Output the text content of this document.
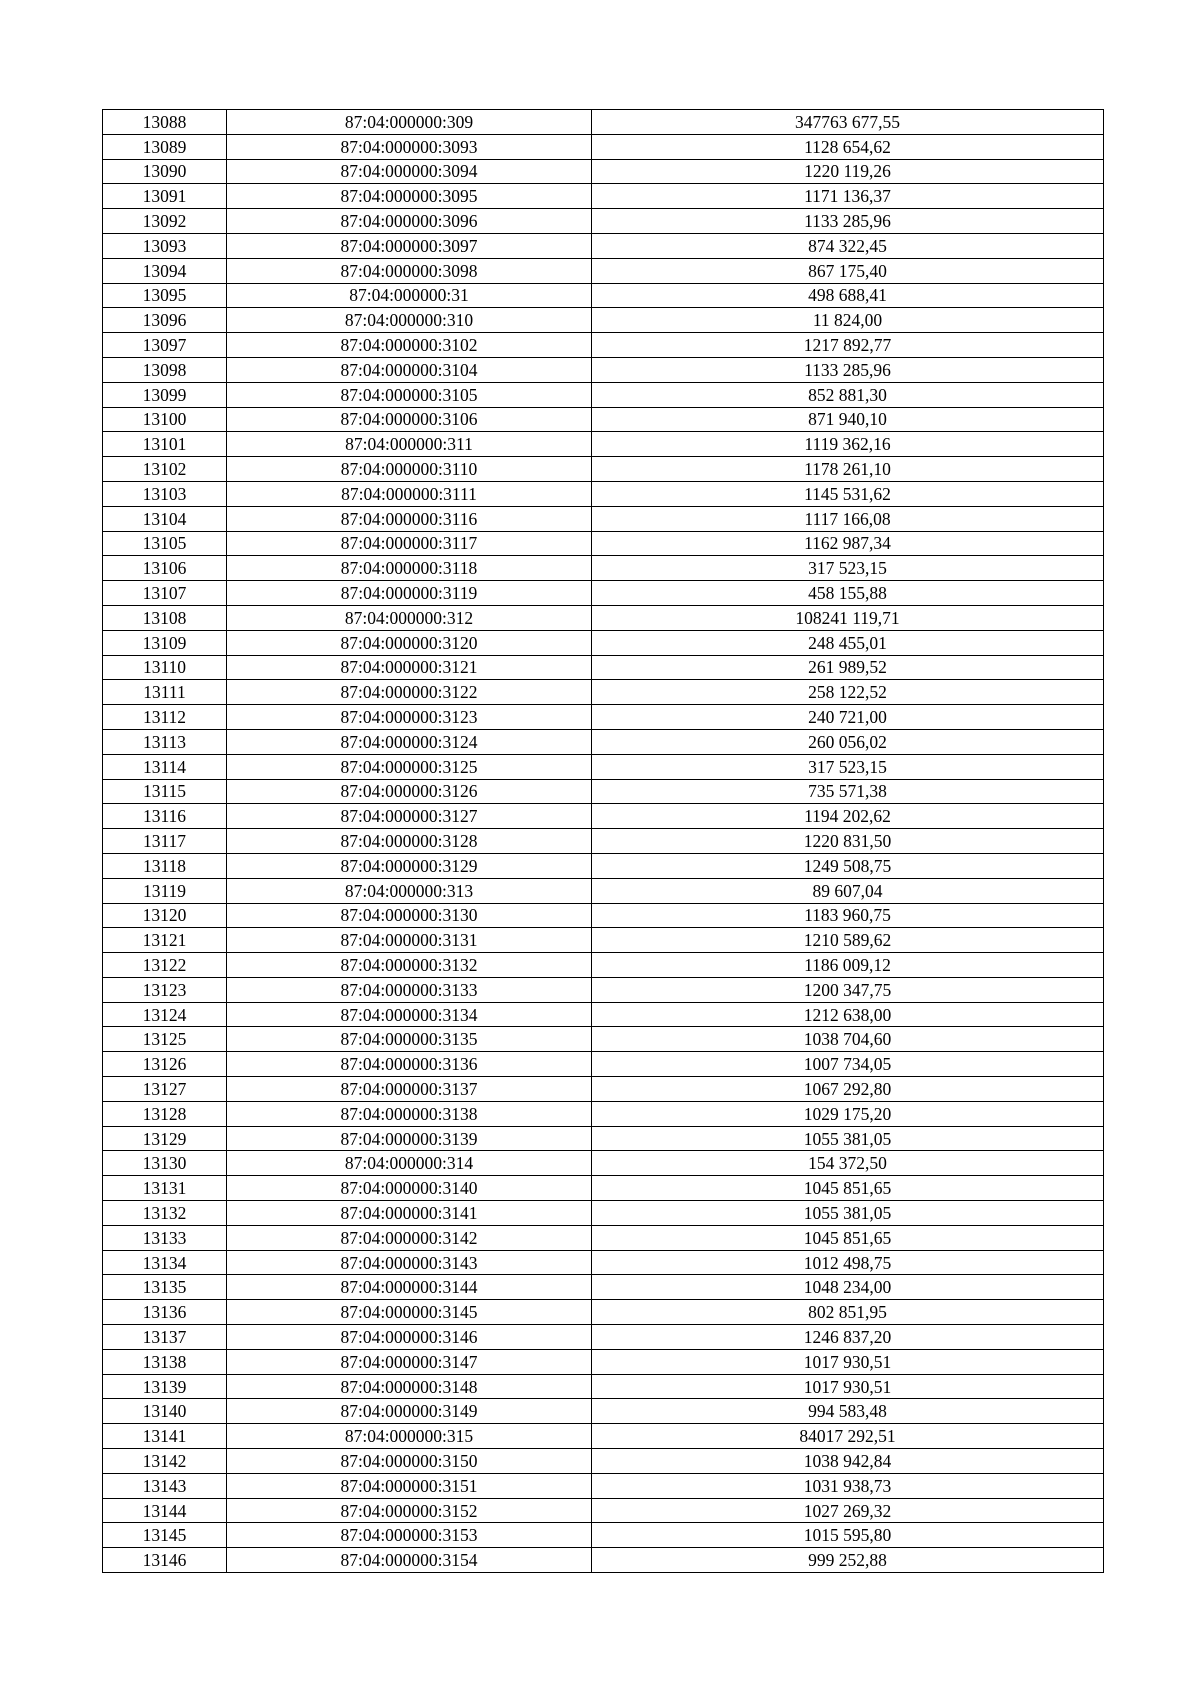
13088	87:04:000000:309	347763 677,55
13089	87:04:000000:3093	1128 654,62
13090	87:04:000000:3094	1220 119,26
13091	87:04:000000:3095	1171 136,37
13092	87:04:000000:3096	1133 285,96
13093	87:04:000000:3097	874 322,45
13094	87:04:000000:3098	867 175,40
13095	87:04:000000:31	498 688,41
13096	87:04:000000:310	11 824,00
13097	87:04:000000:3102	1217 892,77
13098	87:04:000000:3104	1133 285,96
13099	87:04:000000:3105	852 881,30
13100	87:04:000000:3106	871 940,10
13101	87:04:000000:311	1119 362,16
13102	87:04:000000:3110	1178 261,10
13103	87:04:000000:3111	1145 531,62
13104	87:04:000000:3116	1117 166,08
13105	87:04:000000:3117	1162 987,34
13106	87:04:000000:3118	317 523,15
13107	87:04:000000:3119	458 155,88
13108	87:04:000000:312	108241 119,71
13109	87:04:000000:3120	248 455,01
13110	87:04:000000:3121	261 989,52
13111	87:04:000000:3122	258 122,52
13112	87:04:000000:3123	240 721,00
13113	87:04:000000:3124	260 056,02
13114	87:04:000000:3125	317 523,15
13115	87:04:000000:3126	735 571,38
13116	87:04:000000:3127	1194 202,62
13117	87:04:000000:3128	1220 831,50
13118	87:04:000000:3129	1249 508,75
13119	87:04:000000:313	89 607,04
13120	87:04:000000:3130	1183 960,75
13121	87:04:000000:3131	1210 589,62
13122	87:04:000000:3132	1186 009,12
13123	87:04:000000:3133	1200 347,75
13124	87:04:000000:3134	1212 638,00
13125	87:04:000000:3135	1038 704,60
13126	87:04:000000:3136	1007 734,05
13127	87:04:000000:3137	1067 292,80
13128	87:04:000000:3138	1029 175,20
13129	87:04:000000:3139	1055 381,05
13130	87:04:000000:314	154 372,50
13131	87:04:000000:3140	1045 851,65
13132	87:04:000000:3141	1055 381,05
13133	87:04:000000:3142	1045 851,65
13134	87:04:000000:3143	1012 498,75
13135	87:04:000000:3144	1048 234,00
13136	87:04:000000:3145	802 851,95
13137	87:04:000000:3146	1246 837,20
13138	87:04:000000:3147	1017 930,51
13139	87:04:000000:3148	1017 930,51
13140	87:04:000000:3149	994 583,48
13141	87:04:000000:315	84017 292,51
13142	87:04:000000:3150	1038 942,84
13143	87:04:000000:3151	1031 938,73
13144	87:04:000000:3152	1027 269,32
13145	87:04:000000:3153	1015 595,80
13146	87:04:000000:3154	999 252,88
